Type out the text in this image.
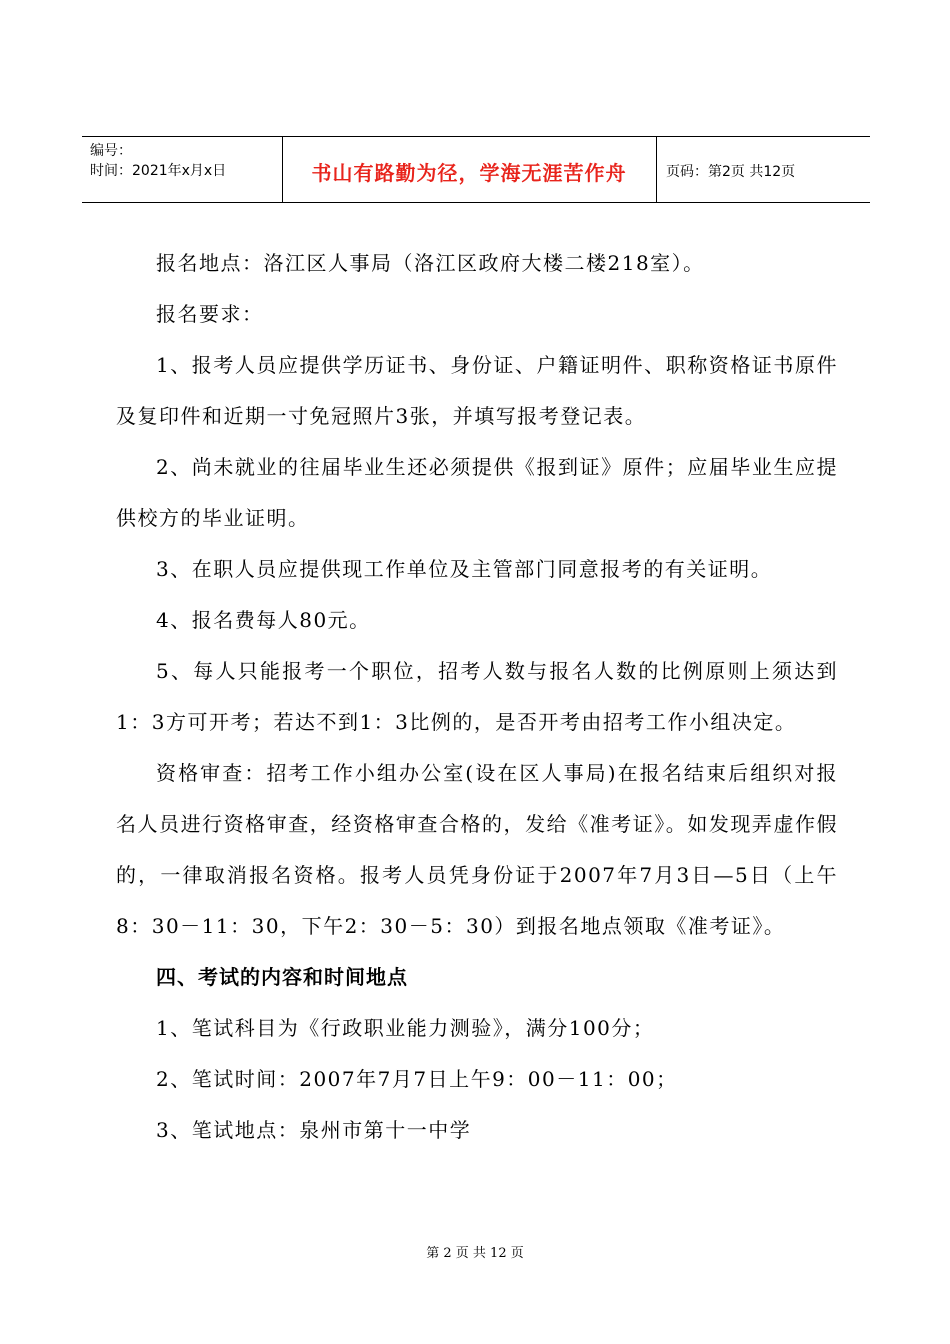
编号：
时间：2021年x月x日	书山有路勤为径，学海无涯苦作舟	页码：第2页 共12页

报名地点：洛江区人事局（洛江区政府大楼二楼218室）。

报名要求：

1、报考人员应提供学历证书、身份证、户籍证明件、职称资格证书原件及复印件和近期一寸免冠照片3张，并填写报考登记表。

2、尚未就业的往届毕业生还必须提供《报到证》原件；应届毕业生应提供校方的毕业证明。

3、在职人员应提供现工作单位及主管部门同意报考的有关证明。

4、报名费每人80元。

5、每人只能报考一个职位，招考人数与报名人数的比例原则上须达到1：3方可开考；若达不到1：3比例的，是否开考由招考工作小组决定。

资格审查：招考工作小组办公室(设在区人事局)在报名结束后组织对报名人员进行资格审查，经资格审查合格的，发给《准考证》。如发现弄虚作假的，一律取消报名资格。报考人员凭身份证于2007年7月3日—5日（上午8：30－11：30，下午2：30－5：30）到报名地点领取《准考证》。

四、考试的内容和时间地点

1、笔试科目为《行政职业能力测验》，满分100分；

2、笔试时间：2007年7月7日上午9：00－11：00；

3、笔试地点：泉州市第十一中学

第 2 页 共 12 页
